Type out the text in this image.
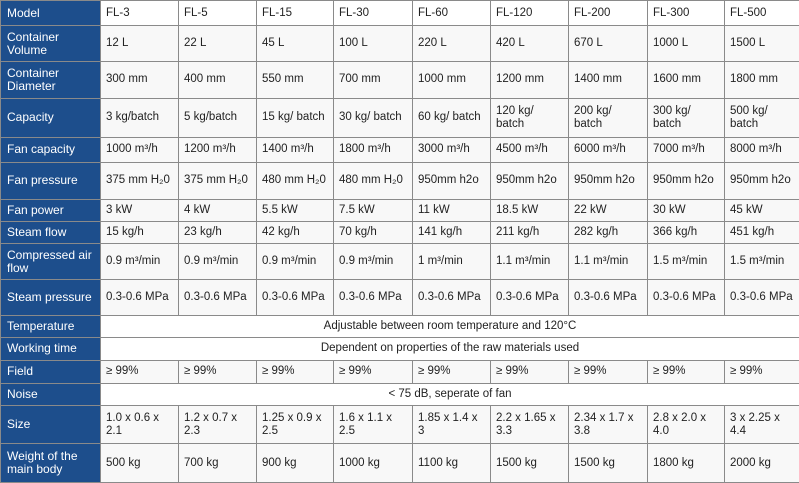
Model	FL-3	FL-5	FL-15	FL-30	FL-60	FL-120	FL-200	FL-300	FL-500
Container Volume	12 L	22 L	45 L	100 L	220 L	420 L	670 L	1000 L	1500 L
Container Diameter	300 mm	400 mm	550 mm	700 mm	1000 mm	1200 mm	1400 mm	1600 mm	1800 mm
Capacity	3 kg/batch	5 kg/batch	15 kg/ batch	30 kg/ batch	60 kg/ batch	120 kg/ batch	200 kg/ batch	300 kg/ batch	500 kg/ batch
Fan capacity	1000 m³/h	1200 m³/h	1400 m³/h	1800 m³/h	3000 m³/h	4500 m³/h	6000 m³/h	7000 m³/h	8000 m³/h
Fan pressure	375 mm H₂0	375 mm H₂0	480 mm H₂0	480 mm H₂0	950mm h2o	950mm h2o	950mm h2o	950mm h2o	950mm h2o
Fan power	3 kW	4 kW	5.5 kW	7.5 kW	11 kW	18.5 kW	22 kW	30 kW	45 kW
Steam flow	15 kg/h	23 kg/h	42 kg/h	70 kg/h	141 kg/h	211 kg/h	282 kg/h	366 kg/h	451 kg/h
Compressed air flow	0.9 m³/min	0.9 m³/min	0.9 m³/min	0.9 m³/min	1 m³/min	1.1 m³/min	1.1 m³/min	1.5 m³/min	1.5 m³/min
Steam pressure	0.3-0.6 MPa	0.3-0.6 MPa	0.3-0.6 MPa	0.3-0.6 MPa	0.3-0.6 MPa	0.3-0.6 MPa	0.3-0.6 MPa	0.3-0.6 MPa	0.3-0.6 MPa
Temperature	Adjustable between room temperature and 120°C								
Working time	Dependent on properties of the raw materials used								
Field	≥ 99%	≥ 99%	≥ 99%	≥ 99%	≥ 99%	≥ 99%	≥ 99%	≥ 99%	≥ 99%
Noise	< 75 dB, seperate of fan								
Size	1.0 x 0.6 x 2.1	1.2 x 0.7 x 2.3	1.25 x 0.9 x 2.5	1.6 x 1.1 x 2.5	1.85 x 1.4 x 3	2.2 x 1.65 x 3.3	2.34 x 1.7 x 3.8	2.8 x 2.0 x 4.0	3 x 2.25 x 4.4
Weight of the main body	500 kg	700 kg	900 kg	1000 kg	1100 kg	1500 kg	1500 kg	1800 kg	2000 kg
